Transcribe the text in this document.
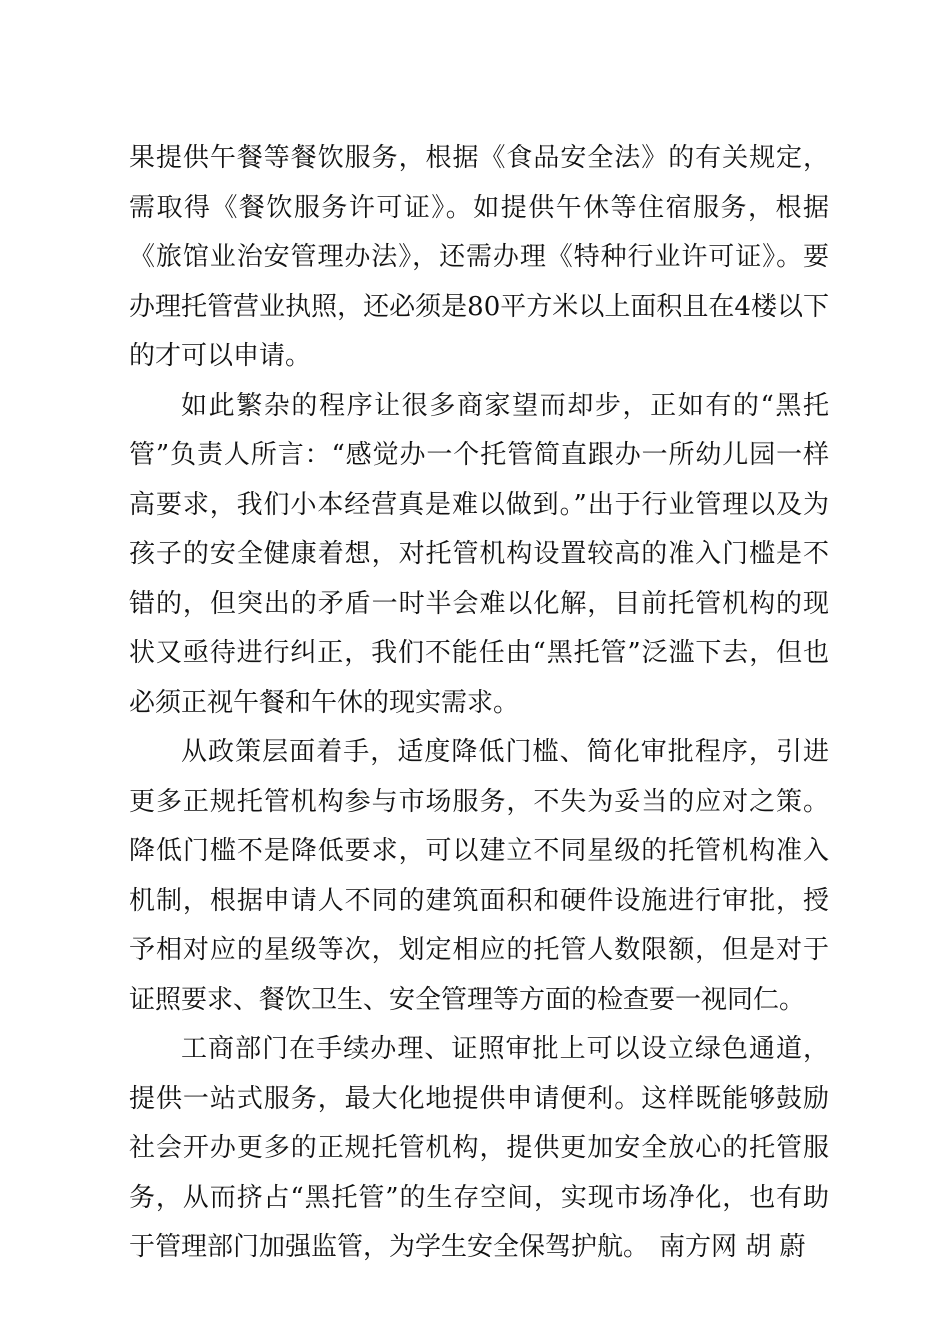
果提供午餐等餐饮服务，根据《食品安全法》的有关规定，需取得《餐饮服务许可证》。如提供午休等住宿服务，根据《旅馆业治安管理办法》，还需办理《特种行业许可证》。要办理托管营业执照，还必须是80平方米以上面积且在4楼以下的才可以申请。

如此繁杂的程序让很多商家望而却步，正如有的“黑托管”负责人所言：“感觉办一个托管简直跟办一所幼儿园一样高要求，我们小本经营真是难以做到。”出于行业管理以及为孩子的安全健康着想，对托管机构设置较高的准入门槛是不错的，但突出的矛盾一时半会难以化解，目前托管机构的现状又亟待进行纠正，我们不能任由“黑托管”泛滥下去，但也必须正视午餐和午休的现实需求。

从政策层面着手，适度降低门槛、简化审批程序，引进更多正规托管机构参与市场服务，不失为妥当的应对之策。降低门槛不是降低要求，可以建立不同星级的托管机构准入机制，根据申请人不同的建筑面积和硬件设施进行审批，授予相对应的星级等次，划定相应的托管人数限额，但是对于证照要求、餐饮卫生、安全管理等方面的检查要一视同仁。

工商部门在手续办理、证照审批上可以设立绿色通道，提供一站式服务，最大化地提供申请便利。这样既能够鼓励社会开办更多的正规托管机构，提供更加安全放心的托管服务，从而挤占“黑托管”的生存空间，实现市场净化，也有助于管理部门加强监管，为学生安全保驾护航。 南方网 胡 蔚
